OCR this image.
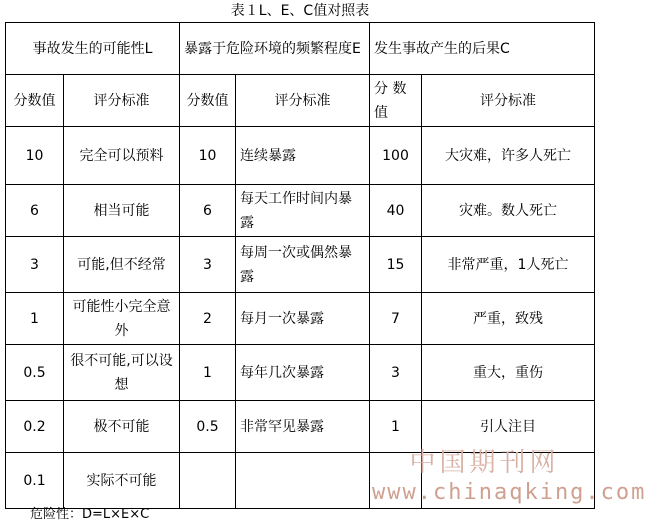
表１L、E、C值对照表
事故发生的可能性L		暴露于危险环境的频繁程度E		发生事故产生的后果C	
分数值	评分标准	分数值	评分标准	分 数值	评分标准
10	完全可以预料	10	连续暴露	100	大灾难，许多人死亡
6	相当可能	6	每天工作时间内暴露	40	灾难。数人死亡
3	可能,但不经常	3	每周一次或偶然暴露	15	非常严重，1人死亡
1	可能性小完全意外	2	每月一次暴露	7	严重，致残
0.5	很不可能,可以设想	1	每年几次暴露	3	重大，重伤
0.2	极不可能	0.5	非常罕见暴露	1	引人注目
0.1	实际不可能				
危险性：D=L×E×C
中国期刊网
www.chinaqking.com
